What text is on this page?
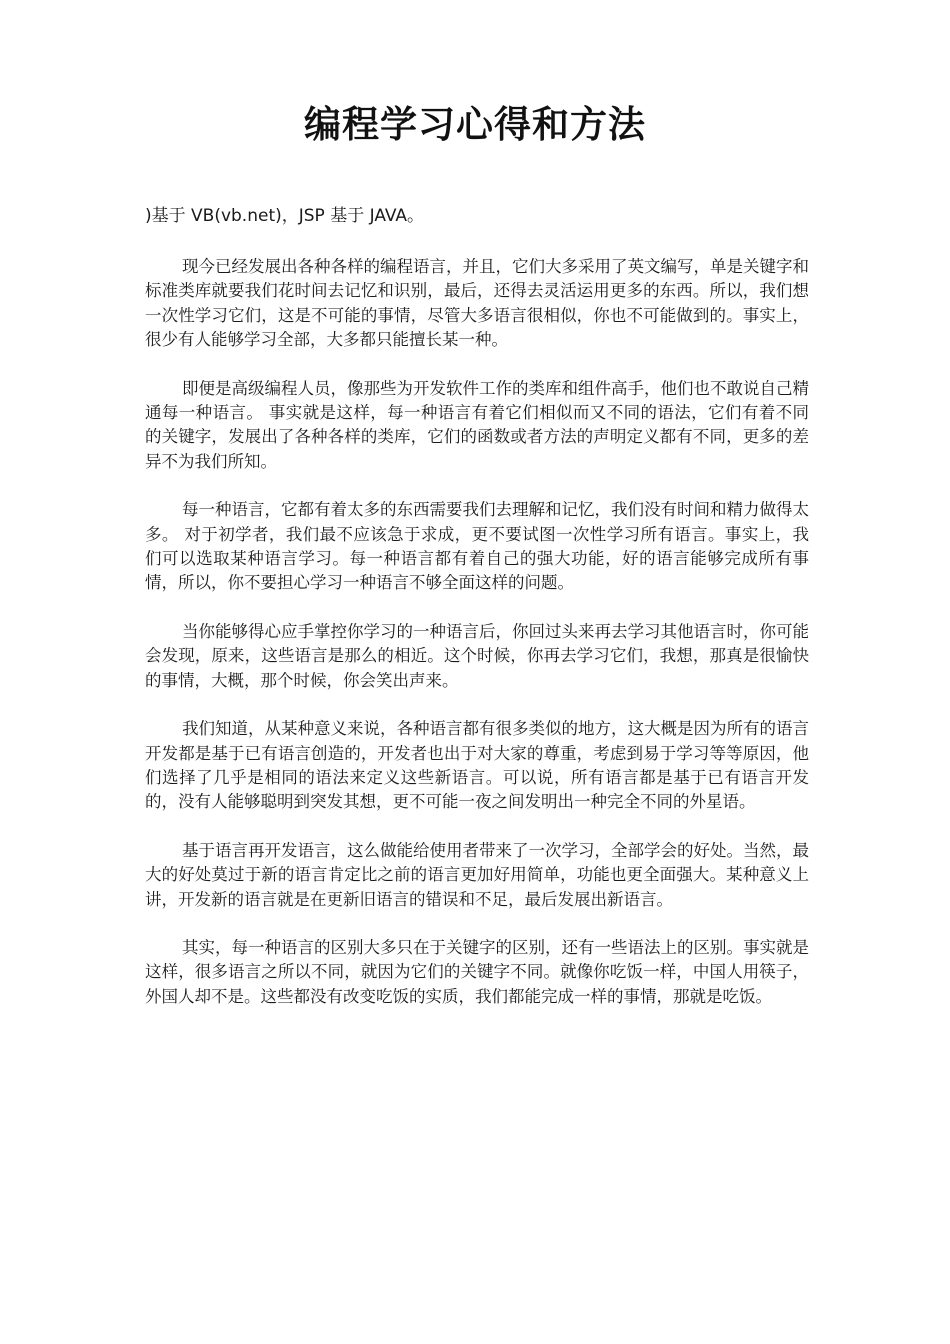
编程学习心得和方法
)基于 VB(vb.net)，JSP 基于 JAVA。

现今已经发展出各种各样的编程语言，并且，它们大多采用了英文编写，单是关键字和标准类库就要我们花时间去记忆和识别，最后，还得去灵活运用更多的东西。所以，我们想一次性学习它们，这是不可能的事情，尽管大多语言很相似，你也不可能做到的。事实上，很少有人能够学习全部，大多都只能擅长某一种。

即便是高级编程人员，像那些为开发软件工作的类库和组件高手，他们也不敢说自己精通每一种语言。 事实就是这样，每一种语言有着它们相似而又不同的语法，它们有着不同的关键字，发展出了各种各样的类库，它们的函数或者方法的声明定义都有不同，更多的差异不为我们所知。

每一种语言，它都有着太多的东西需要我们去理解和记忆，我们没有时间和精力做得太多。 对于初学者，我们最不应该急于求成，更不要试图一次性学习所有语言。事实上，我们可以选取某种语言学习。每一种语言都有着自己的强大功能，好的语言能够完成所有事情，所以，你不要担心学习一种语言不够全面这样的问题。

当你能够得心应手掌控你学习的一种语言后，你回过头来再去学习其他语言时，你可能会发现，原来，这些语言是那么的相近。这个时候，你再去学习它们，我想，那真是很愉快的事情，大概，那个时候，你会笑出声来。

我们知道，从某种意义来说，各种语言都有很多类似的地方，这大概是因为所有的语言开发都是基于已有语言创造的，开发者也出于对大家的尊重，考虑到易于学习等等原因，他们选择了几乎是相同的语法来定义这些新语言。可以说，所有语言都是基于已有语言开发的，没有人能够聪明到突发其想，更不可能一夜之间发明出一种完全不同的外星语。

基于语言再开发语言，这么做能给使用者带来了一次学习，全部学会的好处。当然，最大的好处莫过于新的语言肯定比之前的语言更加好用简单，功能也更全面强大。某种意义上讲，开发新的语言就是在更新旧语言的错误和不足，最后发展出新语言。

其实，每一种语言的区别大多只在于关键字的区别，还有一些语法上的区别。事实就是这样，很多语言之所以不同，就因为它们的关键字不同。就像你吃饭一样，中国人用筷子，外国人却不是。这些都没有改变吃饭的实质，我们都能完成一样的事情，那就是吃饭。
